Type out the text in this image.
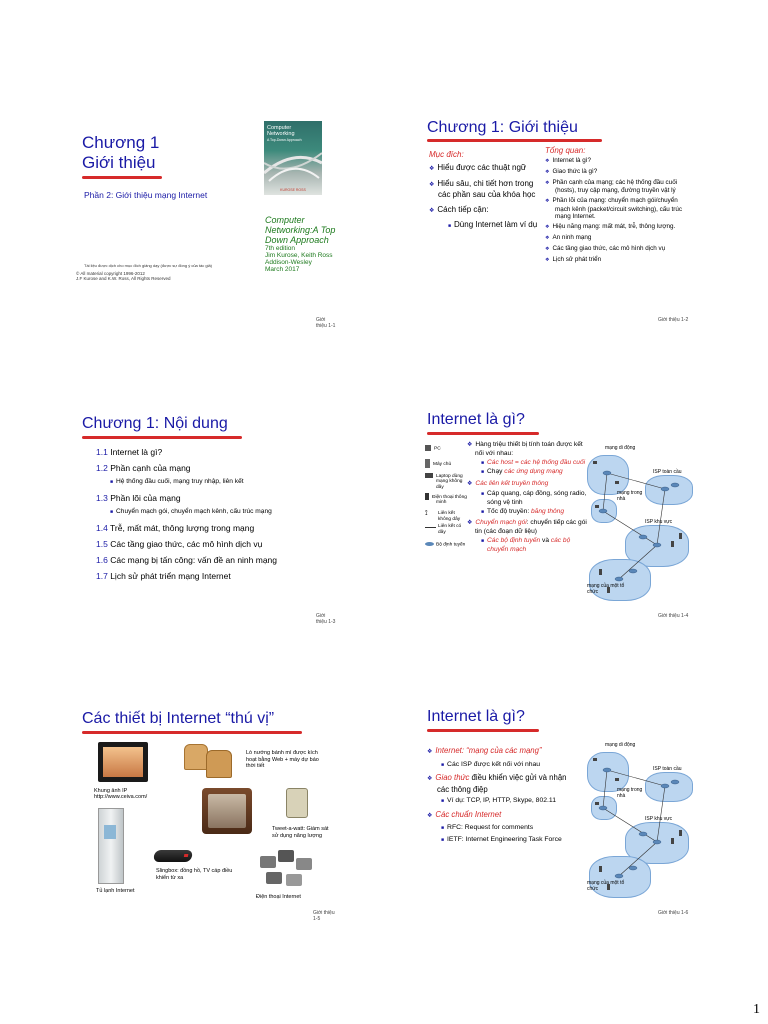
Chương 1
Giới thiệu
Phần 2: Giới thiệu mạng Internet
Computer Networking
A Top-Down Approach
KUROSE ROSS
Computer Networking:A Top Down Approach
7th edition
Jim Kurose, Keith Ross
Addison-Wesley
March 2017
Tài liệu được dịch cho mục đích giảng dạy (được sự đồng ý của tác giả)
© All material copyright 1996-2012
J.F Kurose and K.W. Ross, All Rights Reserved
Giới thiệu 1-1
Chương 1: Giới thiệu
Mục đích:
❖ Hiểu được các thuật ngữ
❖ Hiểu sâu, chi tiết hơn trong các phần sau của khóa học
❖ Cách tiếp cận:
■ Dùng Internet làm ví dụ
Tổng quan:
❖ Internet là gì?
❖ Giao thức là gì?
❖ Phần cạnh của mạng; các hệ thống đầu cuối (hosts), truy cập mạng, đường truyền vật lý
❖ Phần lõi của mạng: chuyển mạch gói/chuyển mạch kênh (packet/circuit switching), cấu trúc mạng Internet.
❖ Hiệu năng mạng: mất mát, trễ, thông lượng.
❖ An ninh mạng
❖ Các tầng giao thức, các mô hình dịch vụ
❖ Lịch sử phát triển
Giới thiệu 1-2
Chương 1: Nội dung
1.1 Internet là gì?
1.2 Phần cạnh của mạng
■ Hệ thống đầu cuối, mạng truy nhập, liên kết
1.3 Phần lõi của mạng
■ Chuyển mạch gói, chuyển mạch kênh, cấu trúc mạng
1.4 Trễ, mất mát, thông lượng trong mạng
1.5 Các tầng giao thức, các mô hình dịch vụ
1.6 Các mạng bị tấn công: vấn đề an ninh mạng
1.7 Lịch sử phát triển mạng Internet
Giới thiệu 1-3
Internet là gì?
PC
Máy chủ
Laptop dùng mạng không dây
Điện thoại thông minh
⟟ Liên kết không dây
Liên kết có dây
Bộ định tuyến
❖ Hàng triệu thiết bị tính toán được kết nối với nhau:
■ Các host = các hệ thống đầu cuối
■ Chạy các ứng dụng mạng
❖ Các liên kết truyền thông
■ Cáp quang, cáp đồng, sóng radio, sóng vệ tinh
■ Tốc độ truyền: băng thông
❖ Chuyển mạch gói: chuyển tiếp các gói tin (các đoạn dữ liệu)
■ Các bộ định tuyến và các bộ chuyển mạch
mạng di động
ISP toàn cầu
mạng trong nhà
ISP khu vực
mạng của một tổ chức
Giới thiệu 1-4
Các thiết bị Internet “thú vị”
Khung ảnh IP
http://www.ceiva.com/
Lò nướng bánh mì được kích hoạt bằng Web + máy dự báo thời tiết
Tweet-a-watt: Giám sát sử dụng năng lượng
Tủ lạnh Internet
Slingbox: đồng hồ, TV cáp điều khiển từ xa
Điện thoại Internet
Giới thiệu 1-5
Internet là gì?
❖ Internet: “mạng của các mạng”
■ Các ISP được kết nối với nhau
❖ Giao thức điều khiển việc gửi và nhận các thông điệp
■ Ví dụ: TCP, IP, HTTP, Skype, 802.11
❖ Các chuẩn Internet
■ RFC: Request for comments
■ IETF: Internet Engineering Task Force
mạng di động
ISP toàn cầu
mạng trong nhà
ISP khu vực
mạng của một tổ chức
Giới thiệu 1-6
1
